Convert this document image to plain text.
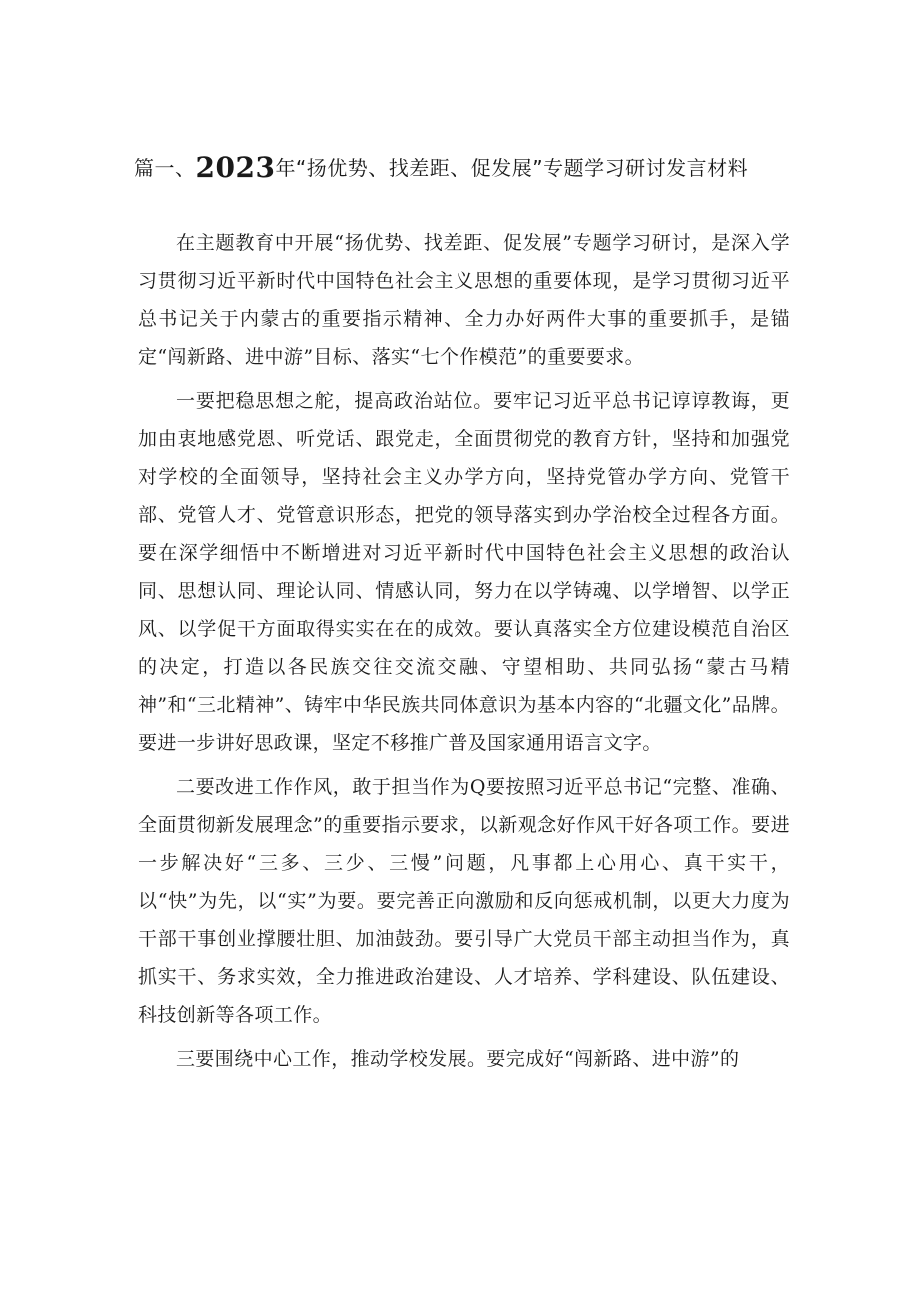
篇一、2023年“扬优势、找差距、促发展”专题学习研讨发言材料

在主题教育中开展“扬优势、找差距、促发展”专题学习研讨，是深入学习贯彻习近平新时代中国特色社会主义思想的重要体现，是学习贯彻习近平总书记关于内蒙古的重要指示精神、全力办好两件大事的重要抓手，是锚定“闯新路、进中游”目标、落实“七个作模范”的重要要求。

一要把稳思想之舵，提高政治站位。要牢记习近平总书记谆谆教诲，更加由衷地感党恩、听党话、跟党走，全面贯彻党的教育方针，坚持和加强党对学校的全面领导，坚持社会主义办学方向，坚持党管办学方向、党管干部、党管人才、党管意识形态，把党的领导落实到办学治校全过程各方面。要在深学细悟中不断增进对习近平新时代中国特色社会主义思想的政治认同、思想认同、理论认同、情感认同，努力在以学铸魂、以学增智、以学正风、以学促干方面取得实实在在的成效。要认真落实全方位建设模范自治区的决定，打造以各民族交往交流交融、守望相助、共同弘扬“蒙古马精神”和“三北精神”、铸牢中华民族共同体意识为基本内容的“北疆文化”品牌。要进一步讲好思政课，坚定不移推广普及国家通用语言文字。

二要改进工作作风，敢于担当作为Q要按照习近平总书记“完整、准确、全面贯彻新发展理念”的重要指示要求，以新观念好作风干好各项工作。要进一步解决好“三多、三少、三慢”问题，凡事都上心用心、真干实干，以“快”为先，以“实”为要。要完善正向激励和反向惩戒机制，以更大力度为干部干事创业撑腰壮胆、加油鼓劲。要引导广大党员干部主动担当作为，真抓实干、务求实效，全力推进政治建设、人才培养、学科建设、队伍建设、科技创新等各项工作。

三要围绕中心工作，推动学校发展。要完成好“闯新路、进中游”的
